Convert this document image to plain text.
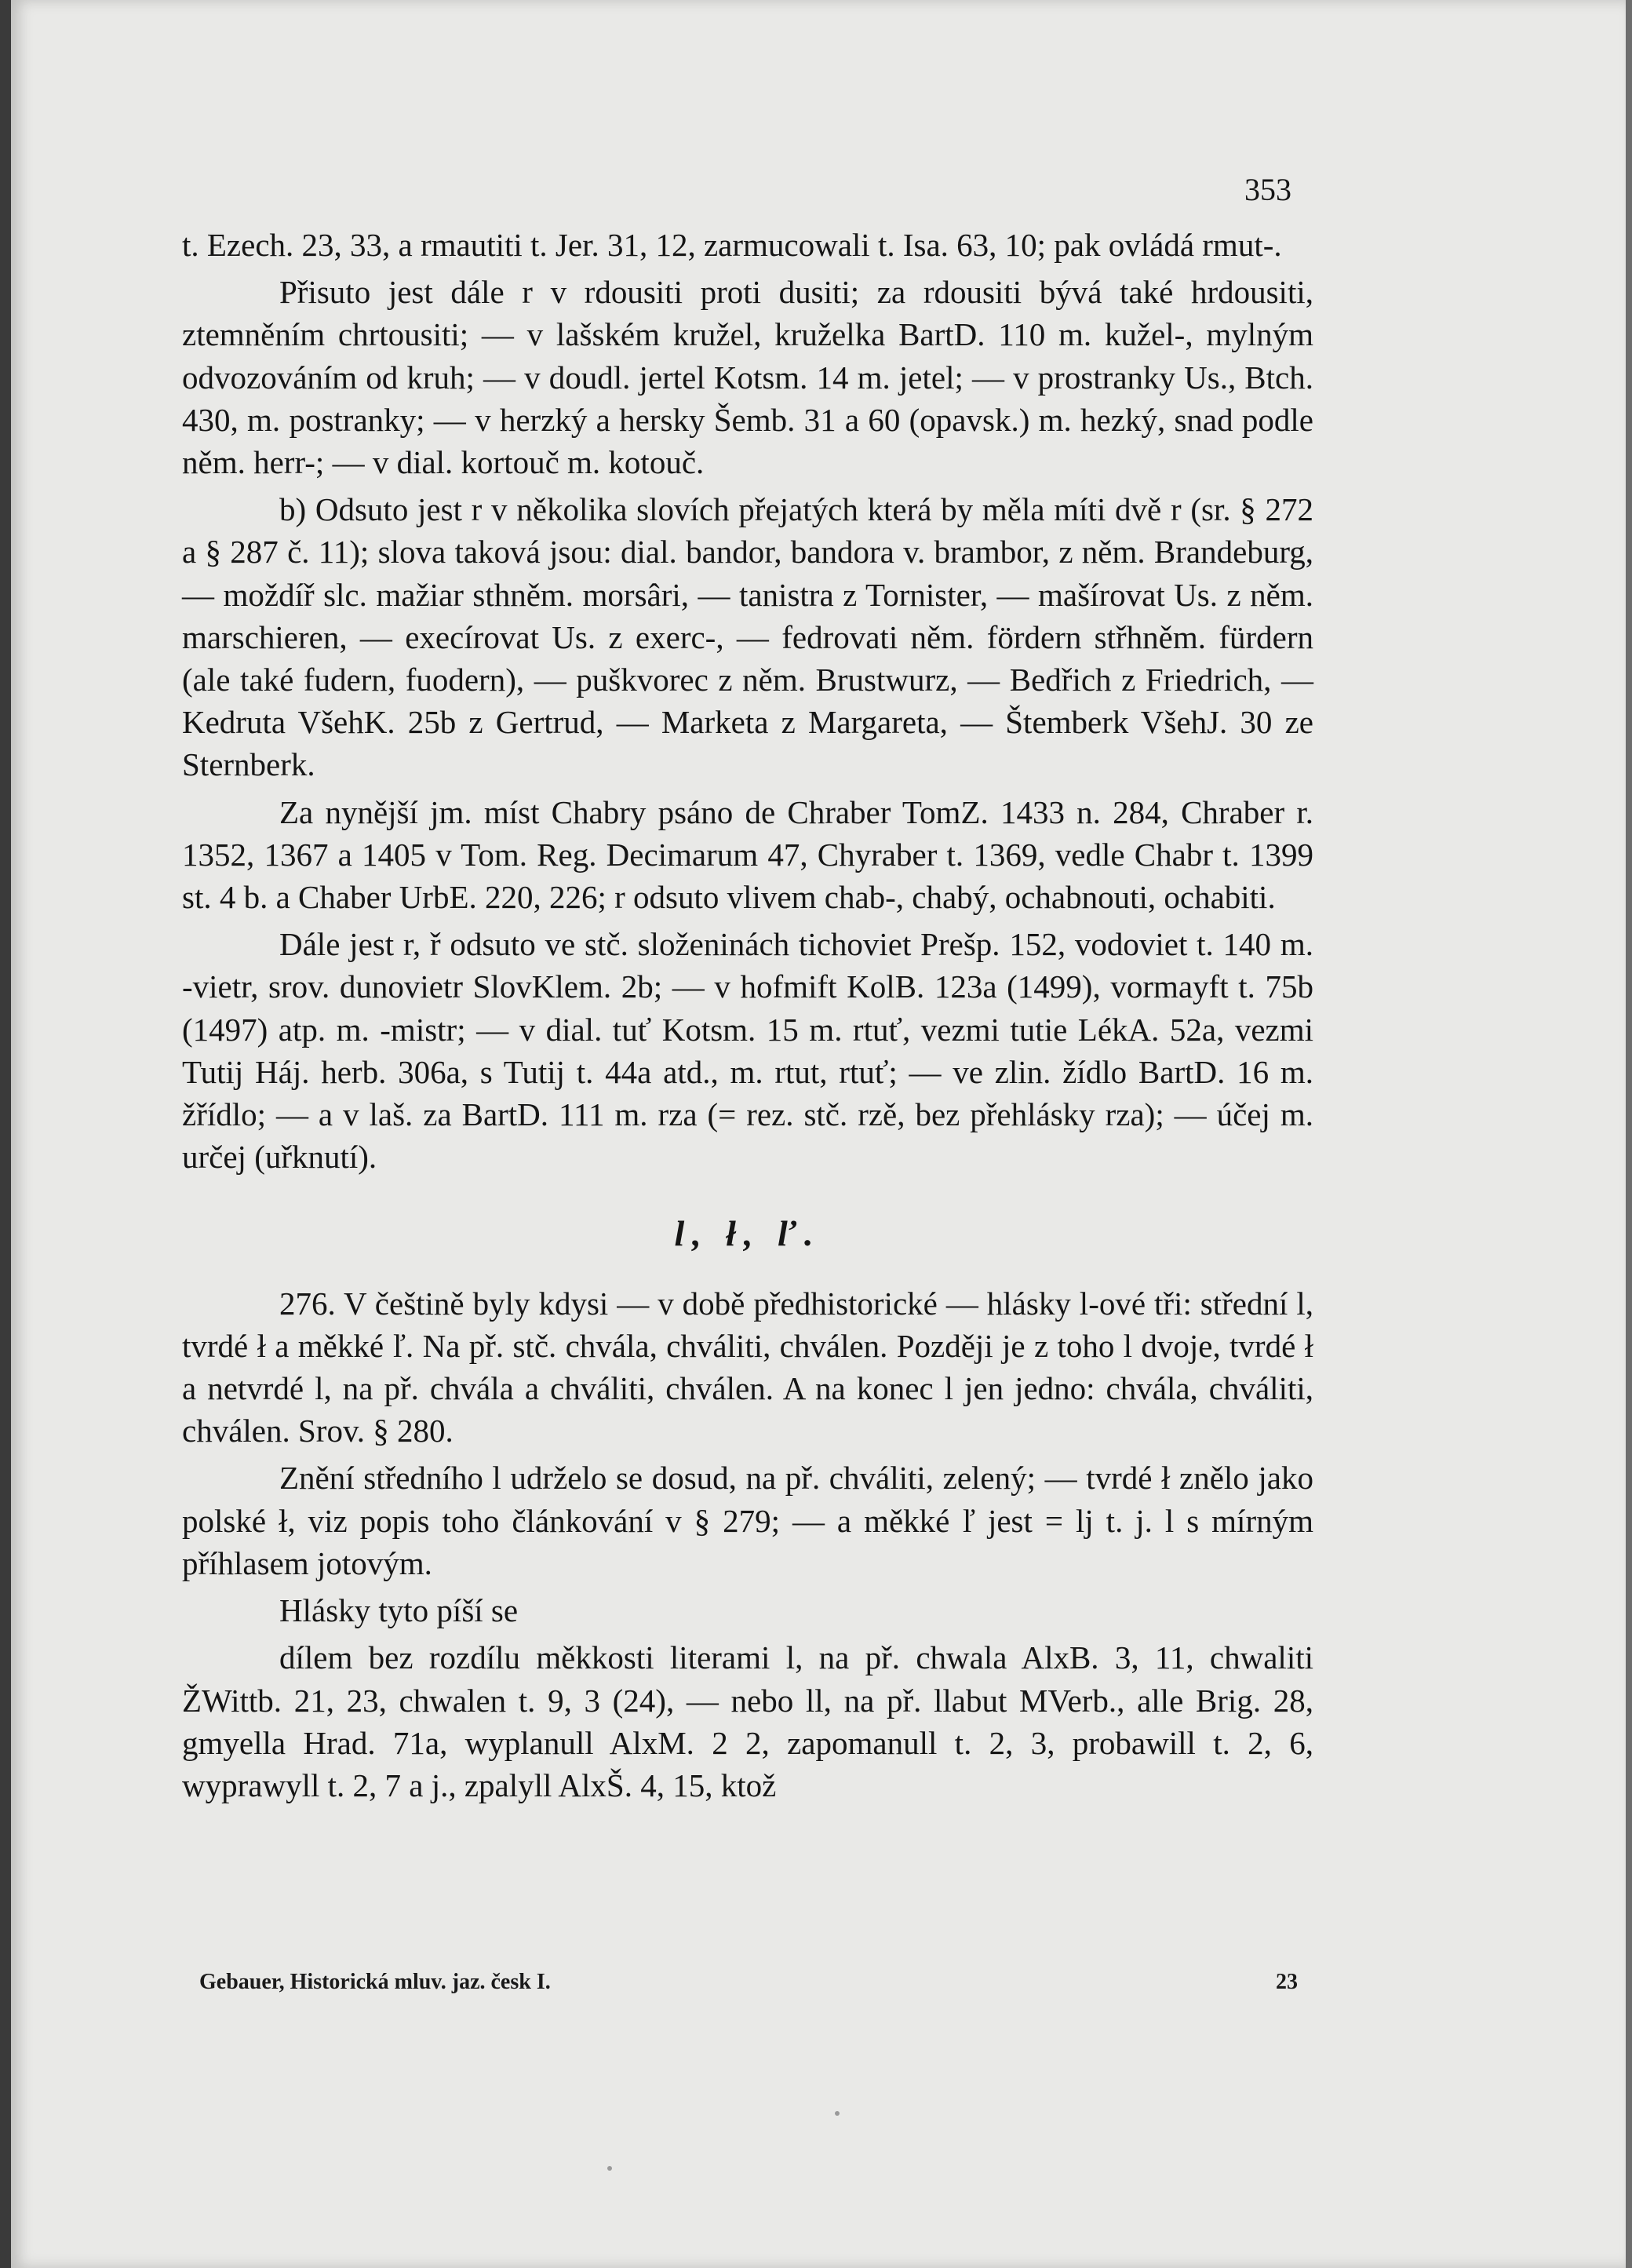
353

t. Ezech. 23, 33, a rmautiti t. Jer. 31, 12, zarmucowali t. Isa. 63, 10; pak ovládá rmut-.

Přisuto jest dále r v rdousiti proti dusiti; za rdousiti bývá také hrdousiti, ztemněním chrtousiti; — v lašském kružel, kruželka BartD. 110 m. kužel-, mylným odvozováním od kruh; — v doudl. jertel Kotsm. 14 m. jetel; — v prostranky Us., Btch. 430, m. postranky; — v herzký a hersky Šemb. 31 a 60 (opavsk.) m. hezký, snad podle něm. herr-; — v dial. kortouč m. kotouč.

b) Odsuto jest r v několika slovích přejatých která by měla míti dvě r (sr. § 272 a § 287 č. 11); slova taková jsou: dial. bandor, bandora v. brambor, z něm. Brandeburg, — moždíř slc. mažiar sthněm. morsâri, — tanistra z Tornister, — mašírovat Us. z něm. marschieren, — execírovat Us. z exerc-, — fedrovati něm. fördern střhněm. fürdern (ale také fudern, fuodern), — puškvorec z něm. Brustwurz, — Bedřich z Friedrich, — Kedruta VšehK. 25b z Gertrud, — Marketa z Margareta, — Štemberk VšehJ. 30 ze Sternberk.

Za nynější jm. míst Chabry psáno de Chraber TomZ. 1433 n. 284, Chraber r. 1352, 1367 a 1405 v Tom. Reg. Decimarum 47, Chyraber t. 1369, vedle Chabr t. 1399 st. 4 b. a Chaber UrbE. 220, 226; r odsuto vlivem chab-, chabý, ochabnouti, ochabiti.

Dále jest r, ř odsuto ve stč. složeninách tichoviet Prešp. 152, vodoviet t. 140 m. -vietr, srov. dunovietr SlovKlem. 2b; — v hofmift KolB. 123a (1499), vormayft t. 75b (1497) atp. m. -mistr; — v dial. tuť Kotsm. 15 m. rtuť, vezmi tutie LékA. 52a, vezmi Tutij Háj. herb. 306a, s Tutij t. 44a atd., m. rtut, rtuť; — ve zlin. žídlo BartD. 16 m. žřídlo; — a v laš. za BartD. 111 m. rza (= rez. stč. rzě, bez přehlásky rza); — účej m. určej (uřknutí).

l, ł, ľ.

276. V češtině byly kdysi — v době předhistorické — hlásky l-ové tři: střední l, tvrdé ł a měkké ľ. Na př. stč. chvála, chváliti, chválen. Později je z toho l dvoje, tvrdé ł a netvrdé l, na př. chvála a chváliti, chválen. A na konec l jen jedno: chvála, chváliti, chválen. Srov. § 280.

Znění středního l udrželo se dosud, na př. chváliti, zelený; — tvrdé ł znělo jako polské ł, viz popis toho článkování v § 279; — a měkké ľ jest = lj t. j. l s mírným příhlasem jotovým.

Hlásky tyto píší se

dílem bez rozdílu měkkosti literami l, na př. chwala AlxB. 3, 11, chwaliti ŽWittb. 21, 23, chwalen t. 9, 3 (24), — nebo ll, na př. llabut MVerb., alle Brig. 28, gmyella Hrad. 71a, wyplanull AlxM. 2 2, zapomanull t. 2, 3, probawill t. 2, 6, wyprawyll t. 2, 7 a j., zpalyll AlxŠ. 4, 15, ktož

Gebauer, Historická mluv. jaz. česk I.	23
